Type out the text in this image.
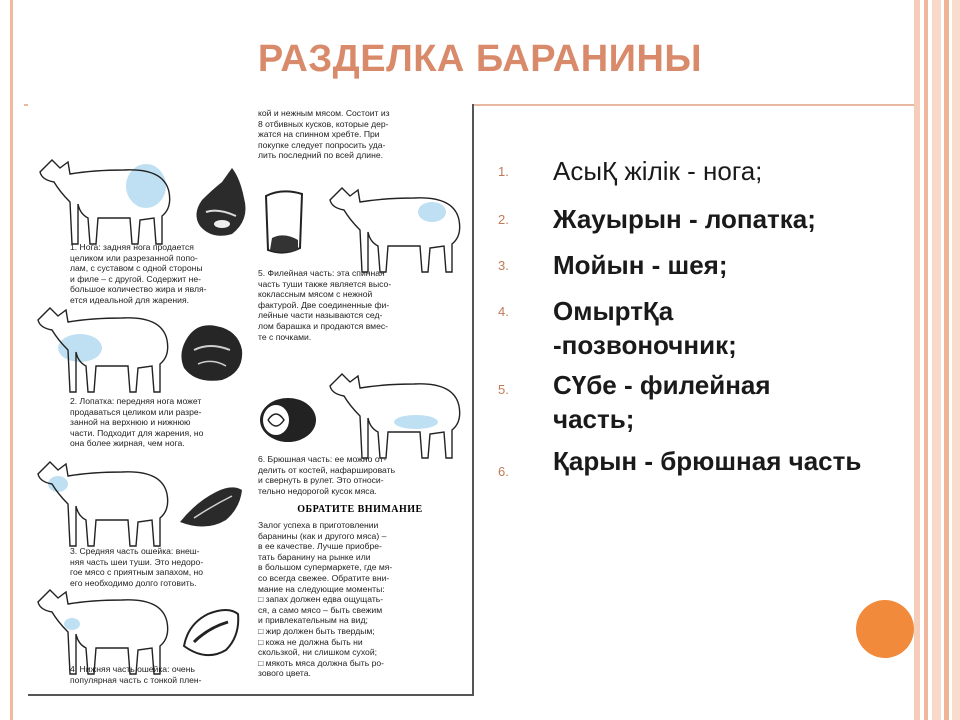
РАЗДЕЛКА БАРАНИНЫ
1. Нога: задняя нога продается
целиком или разрезанной попо-
лам, с суставом с одной стороны
и филе – с другой. Содержит не-
большое количество жира и явля-
ется идеальной для жарения.
2. Лопатка: передняя нога может
продаваться целиком или разре-
занной на верхнюю и нижнюю
части. Подходит для жарения, но
она более жирная, чем нога.
3. Средняя часть ошейка: внеш-
няя часть шеи туши. Это недоро-
гое мясо с приятным запахом, но
его необходимо долго готовить.
4. Нижняя часть ошейка: очень
популярная часть с тонкой плен-
кой и нежным мясом. Состоит из
8 отбивных кусков, которые дер-
жатся на спинном хребте. При
покупке следует попросить уда-
лить последний по всей длине.
5. Филейная часть: эта спинная
часть туши также является высо-
коклассным мясом с нежной
фактурой. Две соединенные фи-
лейные части называются сед-
лом барашка и продаются вмес-
те с почками.
6. Брюшная часть: ее можно от-
делить от костей, нафаршировать
и свернуть в рулет. Это относи-
тельно недорогой кусок мяса.
ОБРАТИТЕ ВНИМАНИЕ
Залог успеха в приготовлении
баранины (как и другого мяса) –
в ее качестве. Лучше приобре-
тать баранину на рынке или
в большом супермаркете, где мя-
со всегда свежее. Обратите вни-
мание на следующие моменты:
□ запах должен едва ощущать-
ся, а само мясо – быть свежим
и привлекательным на вид;
□ жир должен быть твердым;
□ кожа не должна быть ни
скользкой, ни слишком сухой;
□ мякоть мяса должна быть ро-
зового цвета.
1.	АсыҚ жілік - нога;
2.	Жауырын - лопатка;
3.	Мойын - шея;
4.	ОмыртҚа -позвоночник;
5.	СҮбе - филейная часть;
6.	Қарын - брюшная часть
